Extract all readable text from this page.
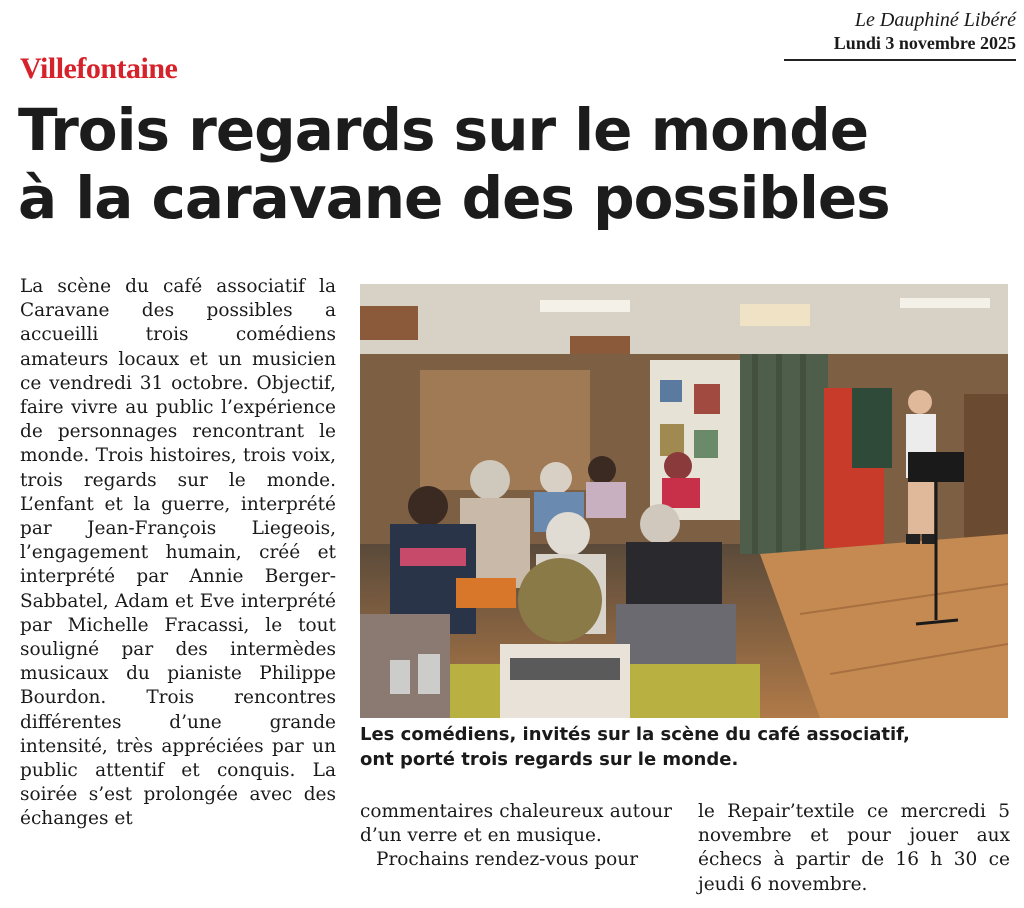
Le Dauphiné Libéré
Lundi 3 novembre 2025
Villefontaine
Trois regards sur le monde
à la caravane des possibles

La scène du café associatif la Caravane des possibles a accueilli trois comédiens amateurs locaux et un musicien ce vendredi 31 octobre. Objectif, faire vivre au public l’expérience de personnages rencontrant le monde. Trois histoires, trois voix, trois regards sur le monde. L’enfant et la guerre, interprété par Jean-François Liegeois, l’engagement humain, créé et interprété par Annie Berger-Sabbatel, Adam et Eve interprété par Michelle Fracassi, le tout souligné par des intermèdes musicaux du pianiste Philippe Bourdon. Trois rencontres différentes d’une grande intensité, très appréciées par un public attentif et conquis. La soirée s’est prolongée avec des échanges et

Les comédiens, invités sur la scène du café associatif,
ont porté trois regards sur le monde.

commentaires chaleureux autour d’un verre et en musique.

Prochains rendez-vous pour

le Repair’textile ce mercredi 5 novembre et pour jouer aux échecs à partir de 16 h 30 ce jeudi 6 novembre.
